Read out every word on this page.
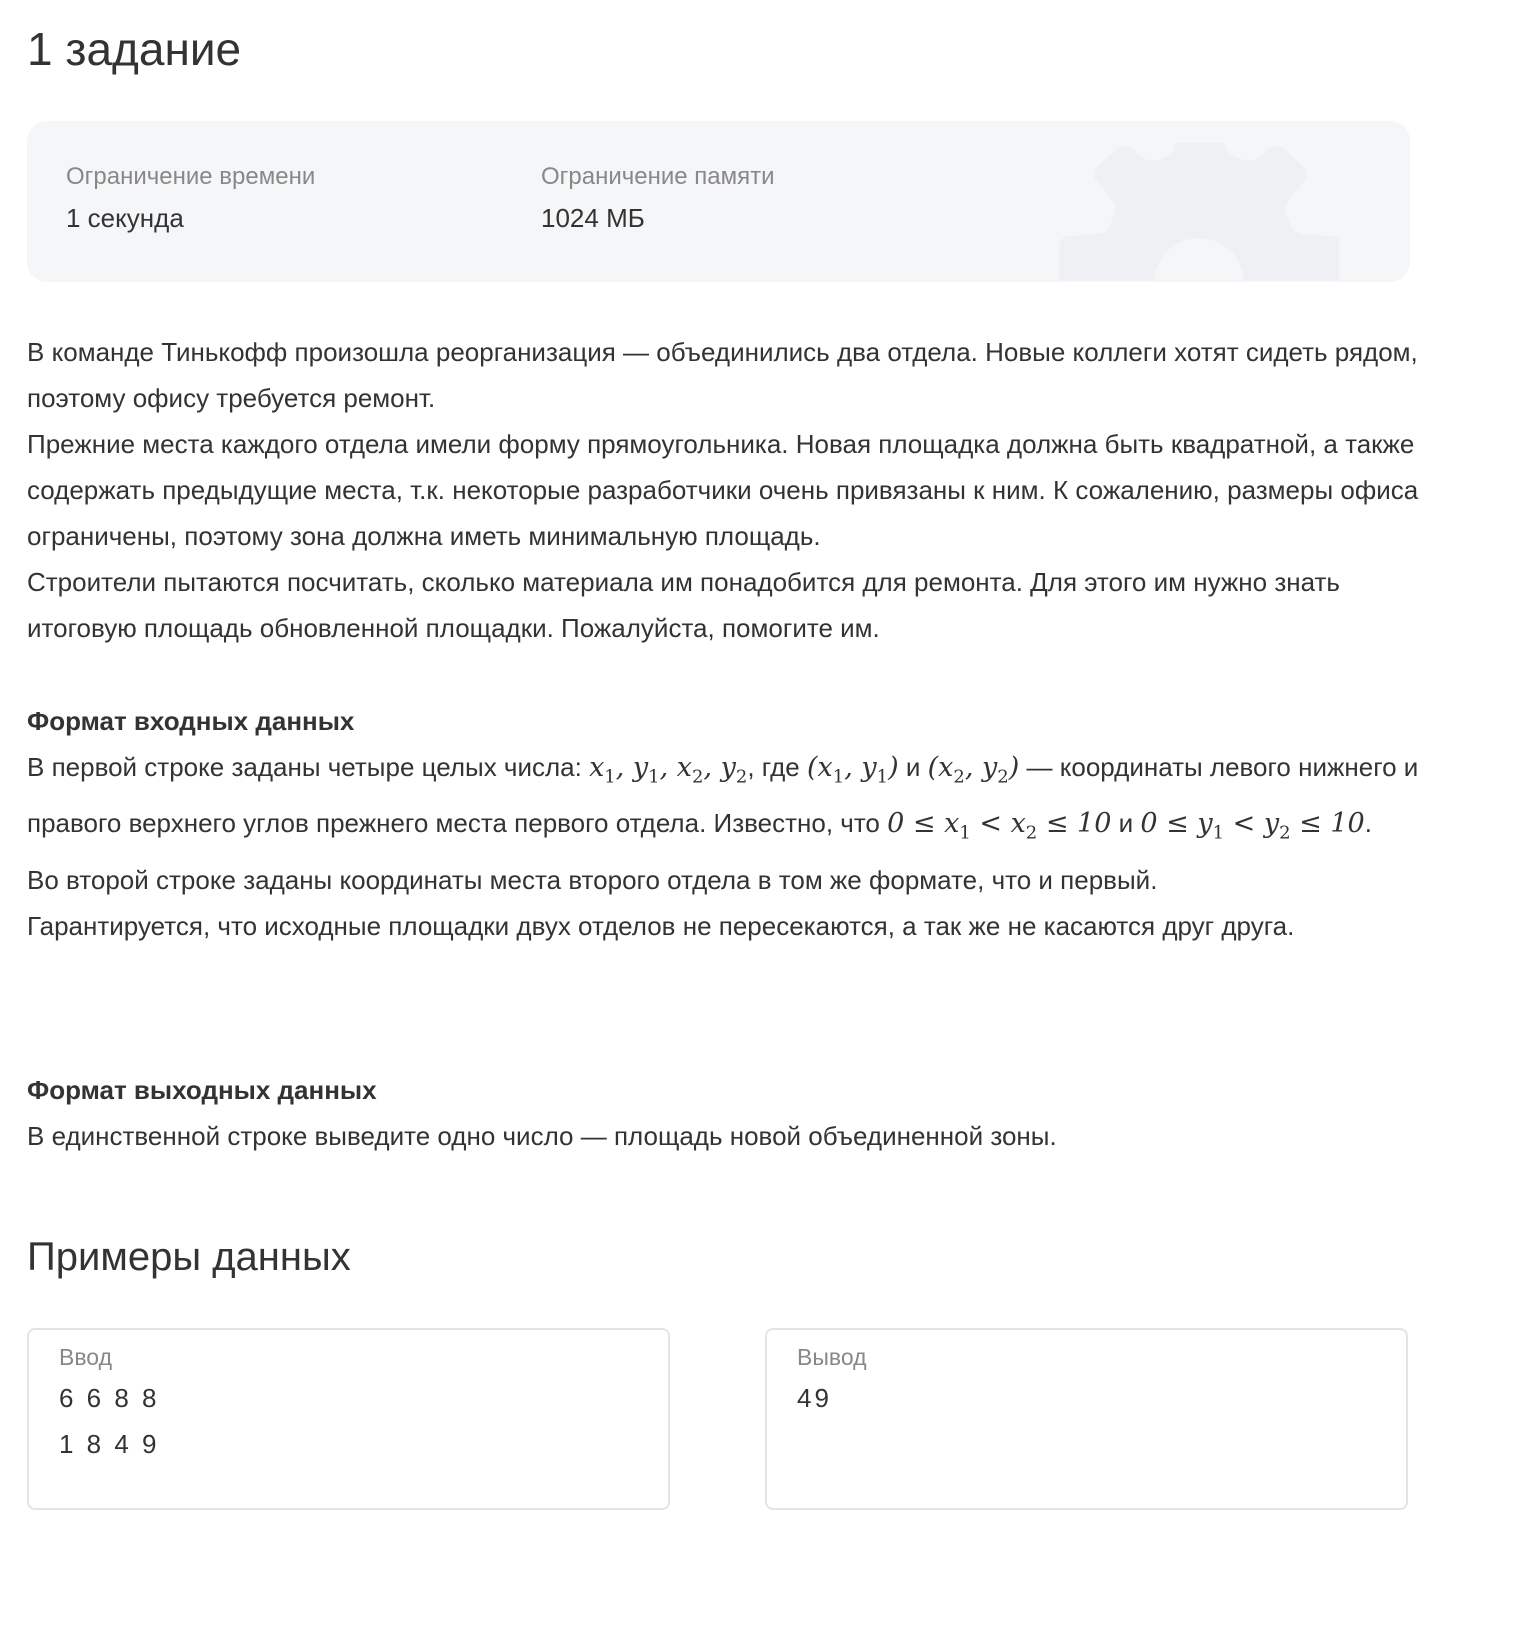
1 задание
Ограничение времени
1 секунда
Ограничение памяти
1024 МБ

В команде Тинькофф произошла реорганизация — объединились два отдела. Новые коллеги хотят сидеть рядом, поэтому офису требуется ремонт.

Прежние места каждого отдела имели форму прямоугольника. Новая площадка должна быть квадратной, а также содержать предыдущие места, т.к. некоторые разработчики очень привязаны к ним. К сожалению, размеры офиса ограничены, поэтому зона должна иметь минимальную площадь.

Строители пытаются посчитать, сколько материала им понадобится для ремонта. Для этого им нужно знать итоговую площадь обновленной площадки. Пожалуйста, помогите им.

Формат входных данных

В первой строке заданы четыре целых числа: $x_1$, $y_1$, $x_2$, $y_2$, где ($x_1$, $y_1$) и ($x_2$, $y_2$) — координаты левого нижнего и правого верхнего углов прежнего места первого отдела. Известно, что $0 \le x_1 < x_2 \le 10$ и $0 \le y_1 < y_2 \le 10$.

Во второй строке заданы координаты места второго отдела в том же формате, что и первый.

Гарантируется, что исходные площадки двух отделов не пересекаются, а так же не касаются друг друга.

Формат выходных данных

В единственной строке выведите одно число — площадь новой объединенной зоны.

Примеры данных
Ввод
6 6 8 8
1 8 4 9
Вывод
49
